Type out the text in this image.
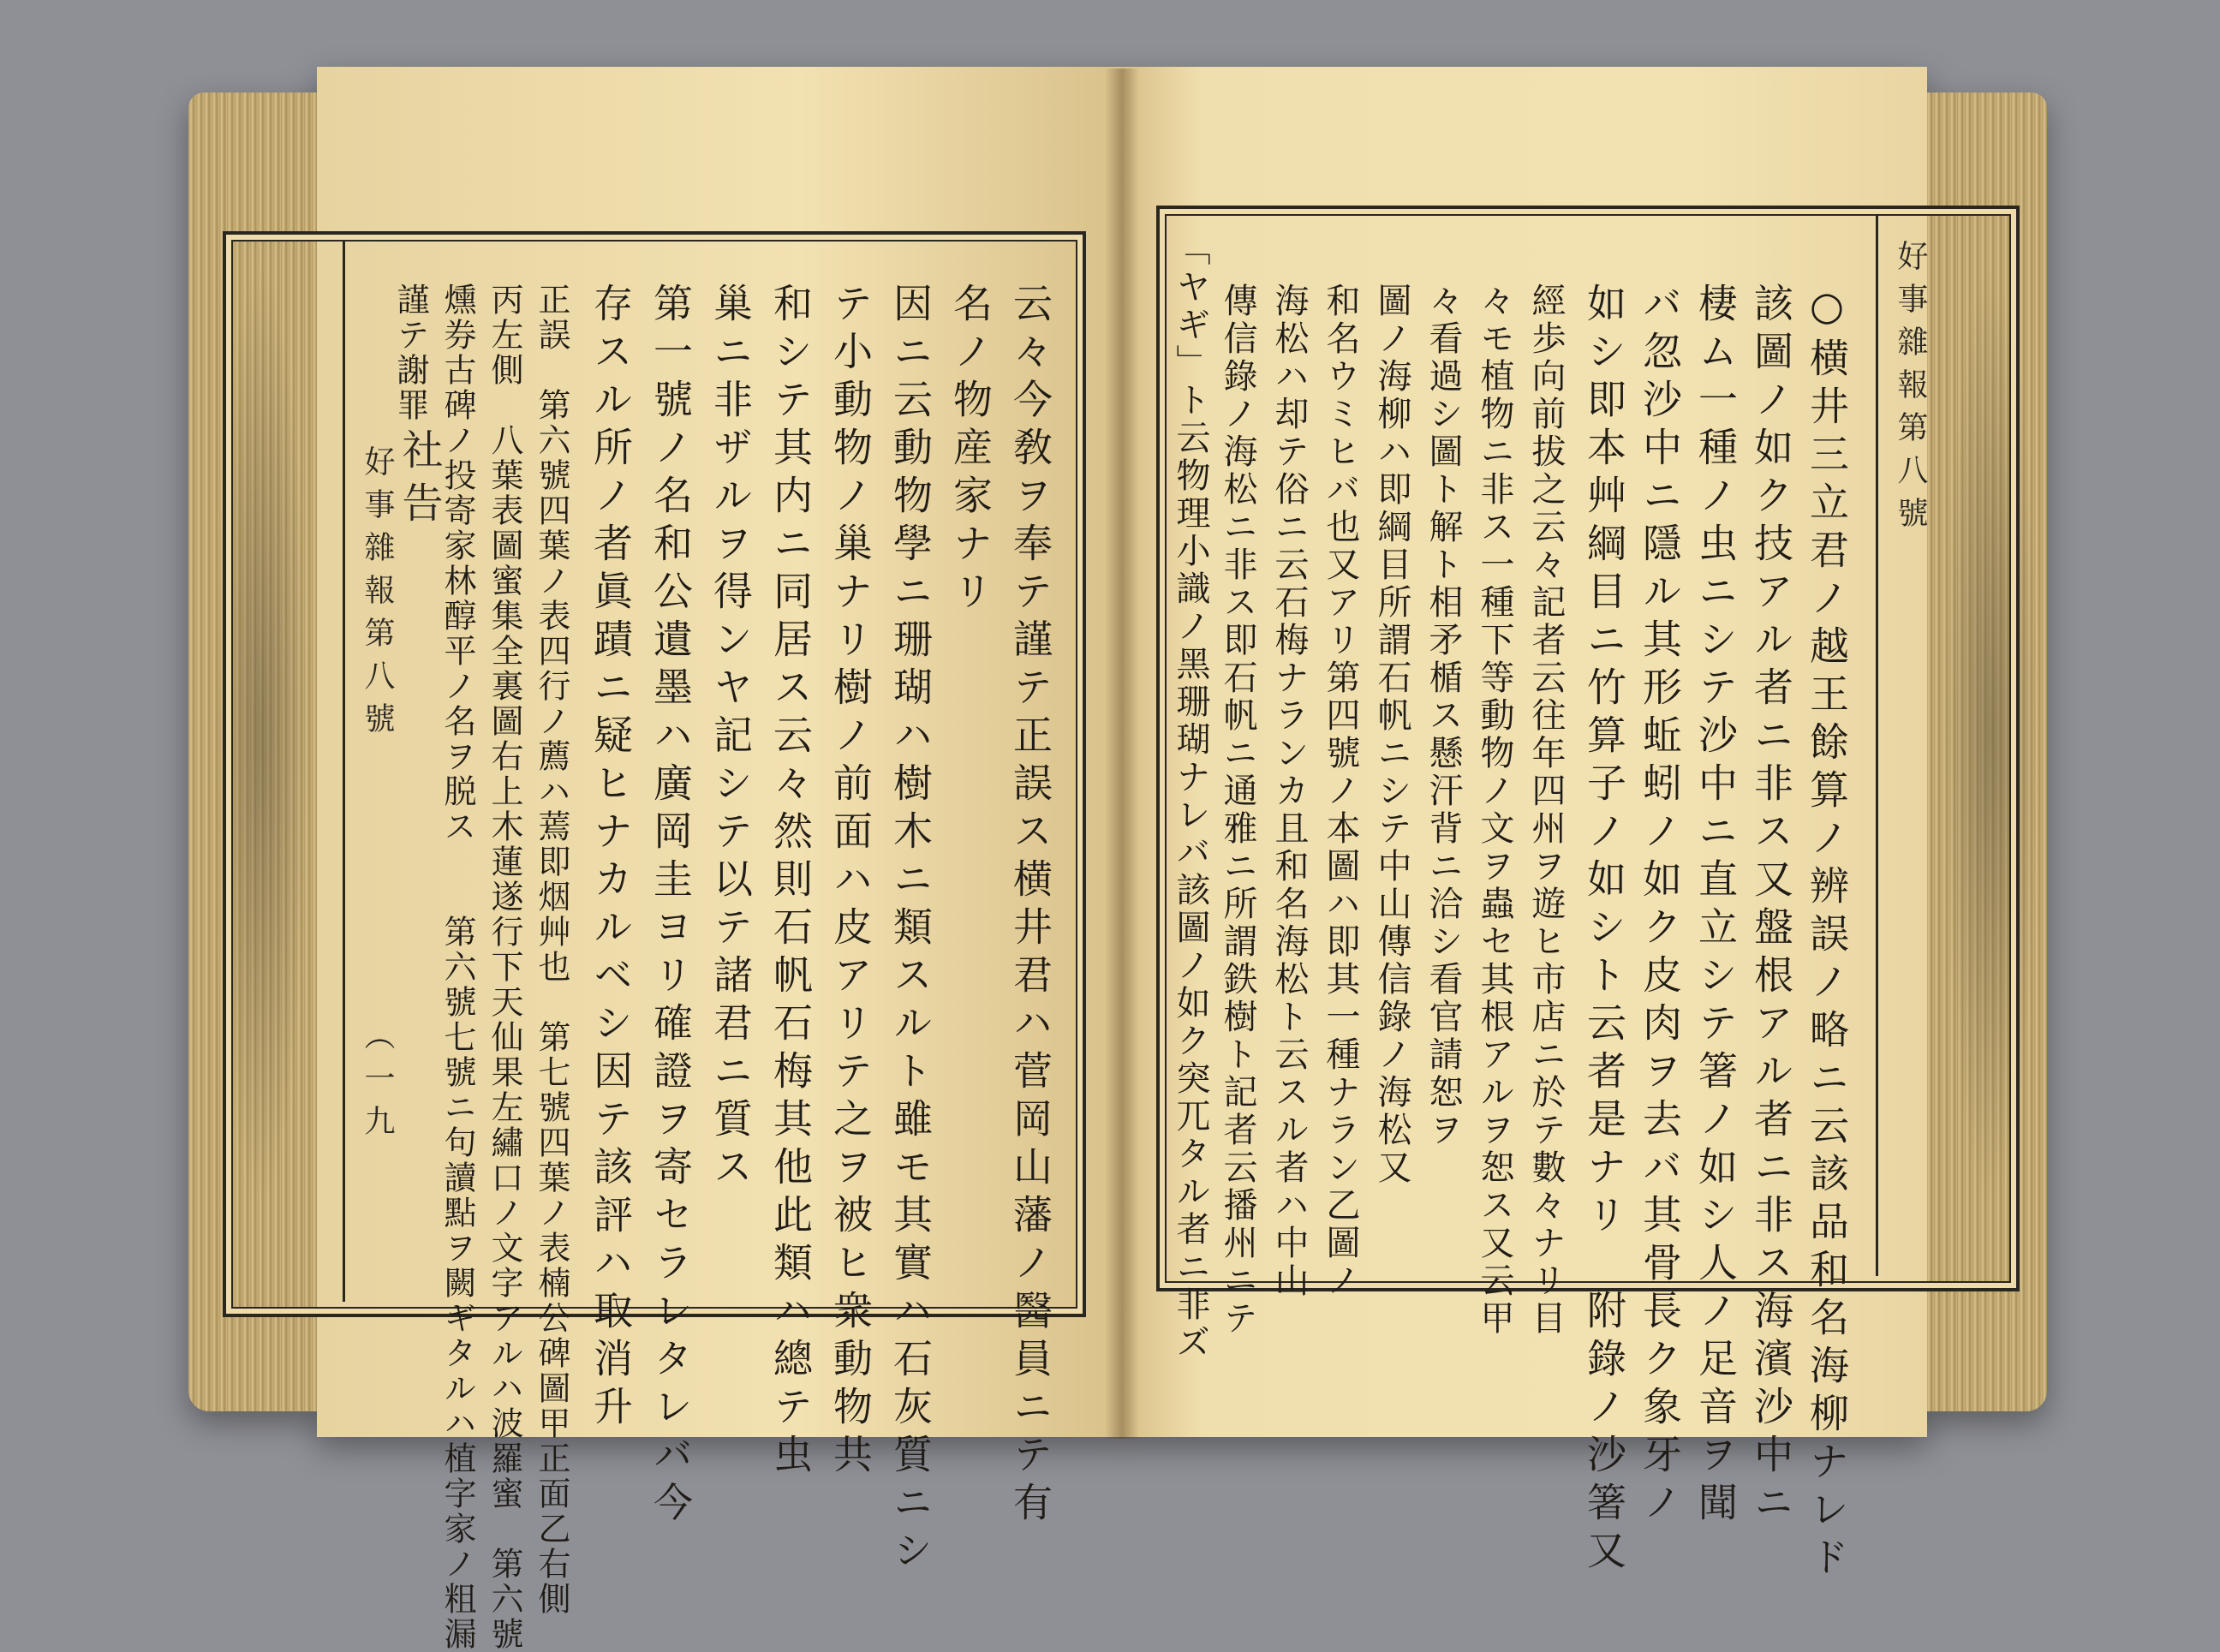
好事雜報第八號 社告
（一九	云々今敎ヲ奉テ謹テ正誤ス横井君ハ菅岡山藩ノ醫員ニテ有
名ノ物産家ナリ
因ニ云動物學ニ珊瑚ハ樹木ニ類スルト雖モ其實ハ石灰質ニシ
テ小動物ノ巢ナリ樹ノ前面ハ皮アリテ之ヲ被ヒ衆動物共
和シテ其内ニ同居ス云々然則石帆石梅其他此類ハ總テ虫
巢ニ非ザルヲ得ンヤ記シテ以テ諸君ニ質ス
第一號ノ名和公遺墨ハ廣岡圭ヨリ確證ヲ寄セラレタレバ今
存スル所ノ者眞蹟ニ疑ヒナカルベシ因テ該評ハ取消升
正誤　第六號四葉ノ表四行ノ薦ハ蔫即烟艸也　第七號四葉ノ表楠公碑圖甲正面乙右側
丙左側　八葉表圖蜜集全裏圖右上木蓮遂行下天仙果左繡口ノ文字アルハ波羅蜜　第六號
燻券古碑ノ投寄家林醇平ノ名ヲ脱ス　　第六號七號ニ句讀點ヲ闕ギタルハ植字家ノ粗漏
謹テ謝罪	好事雜報第八號
○横井三立君ノ越王餘算ノ辨誤ノ略ニ云該品和名海柳ナレド
該圖ノ如ク技アル者ニ非ス又盤根アル者ニ非ス海濱沙中ニ
棲ム一種ノ虫ニシテ沙中ニ直立シテ箸ノ如シ人ノ足音ヲ聞
バ忽沙中ニ隱ル其形蚯蚓ノ如ク皮肉ヲ去バ其骨長ク象牙ノ
如シ即本艸綱目ニ竹算子ノ如シト云者是ナリ　附錄ノ沙箸又
經歩向前拔之云々記者云往年四州ヲ遊ヒ市店ニ於テ數々ナリ目
々モ植物ニ非ス一種下等動物ノ文ヲ蟲セ其根アルヲ恕ス又云甲
々看過シ圖ト解ト相矛楯ス懸汗背ニ洽シ看官請恕ヲ
圖ノ海柳ハ即綱目所謂石帆ニシテ中山傳信錄ノ海松又
和名ウミヒバ也又アリ第四號ノ本圖ハ即其一種ナラン乙圖ノ
海松ハ却テ俗ニ云石梅ナランカ且和名海松ト云スル者ハ中山
傳信錄ノ海松ニ非ス即石帆ニ通雅ニ所謂鉄樹ト記者云播州ニテ
「ヤギ」ト云物理小識ノ黑珊瑚ナレバ該圖ノ如ク突兀タル者ニ非ズ
